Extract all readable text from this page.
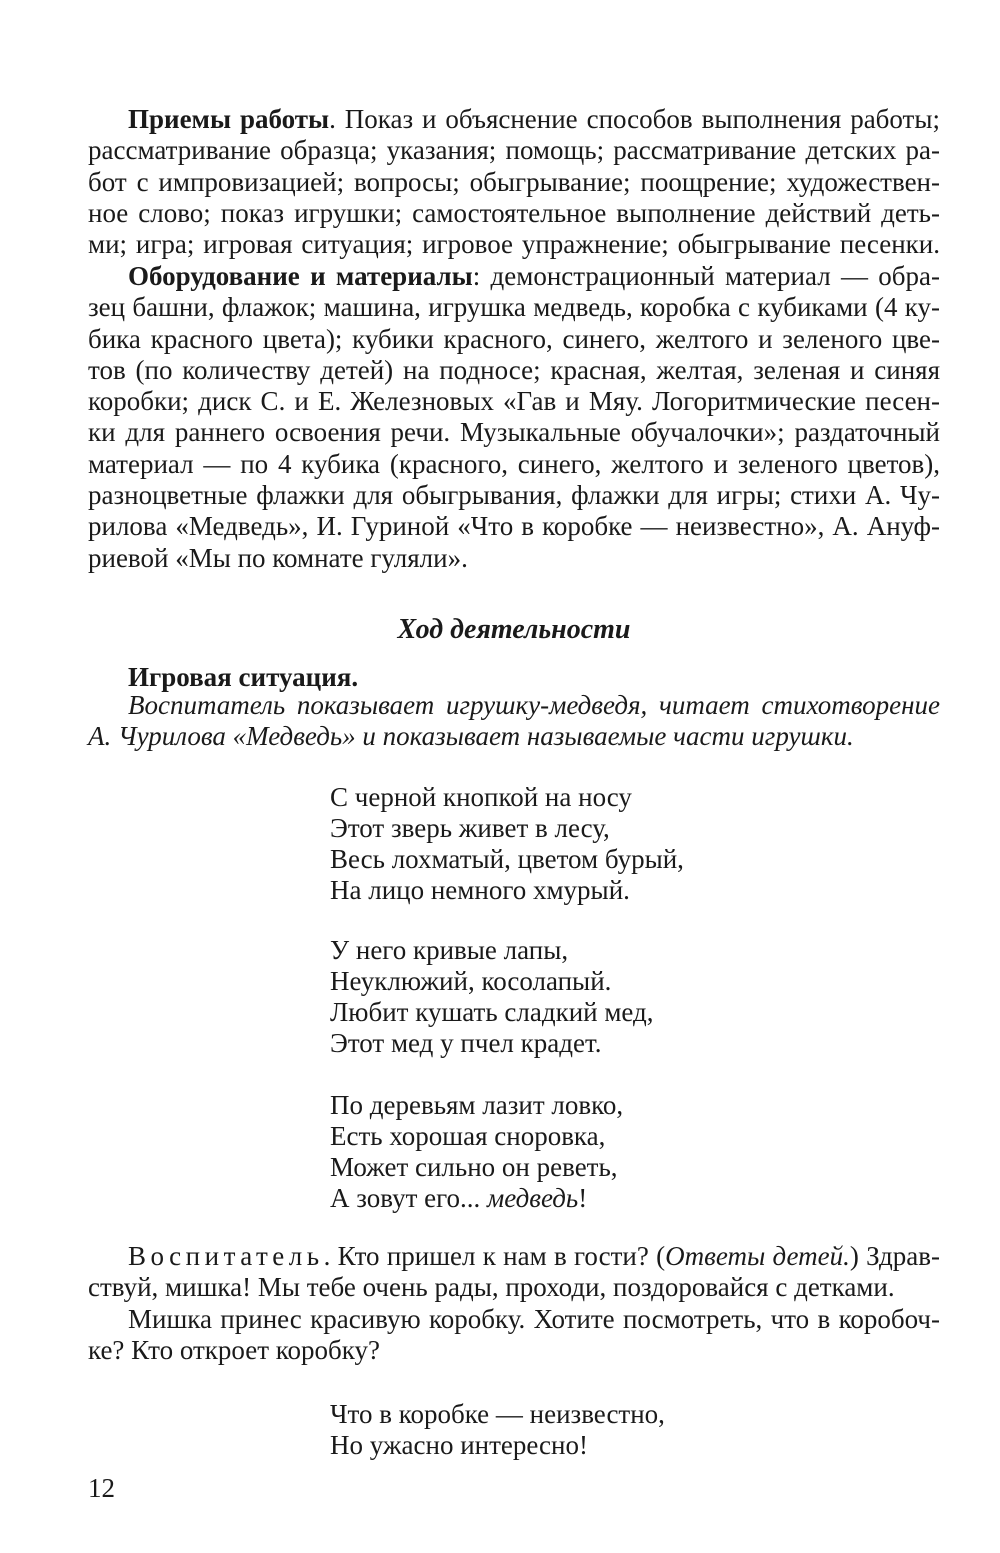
Приемы работы. Показ и объяснение способов выполнения работы;
рассматривание образца; указания; помощь; рассматривание детских ра-
бот с импровизацией; вопросы; обыгрывание; поощрение; художествен-
ное слово; показ игрушки; самостоятельное выполнение действий деть-
ми; игра; игровая ситуация; игровое упражнение; обыгрывание песенки.
Оборудование и материалы: демонстрационный материал — обра-
зец башни, флажок; машина, игрушка медведь, коробка с кубиками (4 ку-
бика красного цвета); кубики красного, синего, желтого и зеленого цве-
тов (по количеству детей) на подносе; красная, желтая, зеленая и синяя
коробки; диск С. и Е. Железновых «Гав и Мяу. Логоритмические песен-
ки для раннего освоения речи. Музыкальные обучалочки»; раздаточный
материал — по 4 кубика (красного, синего, желтого и зеленого цветов),
разноцветные флажки для обыгрывания, флажки для игры; стихи А. Чу-
рилова «Медведь», И. Гуриной «Что в коробке — неизвестно», А. Ануф-
риевой «Мы по комнате гуляли».
Ход деятельности
Игровая ситуация.
Воспитатель показывает игрушку-медведя, читает стихотворение
А. Чурилова «Медведь» и показывает называемые части игрушки.
С черной кнопкой на носу
Этот зверь живет в лесу,
Весь лохматый, цветом бурый,
На лицо немного хмурый.
У него кривые лапы,
Неуклюжий, косолапый.
Любит кушать сладкий мед,
Этот мед у пчел крадет.
По деревьям лазит ловко,
Есть хорошая сноровка,
Может сильно он реветь,
А зовут его... медведь!
Воспитатель. Кто пришел к нам в гости? (Ответы детей.) Здрав-
ствуй, мишка! Мы тебе очень рады, проходи, поздоровайся с детками.
Мишка принес красивую коробку. Хотите посмотреть, что в коробоч-
ке? Кто откроет коробку?
Что в коробке — неизвестно,
Но ужасно интересно!
12
